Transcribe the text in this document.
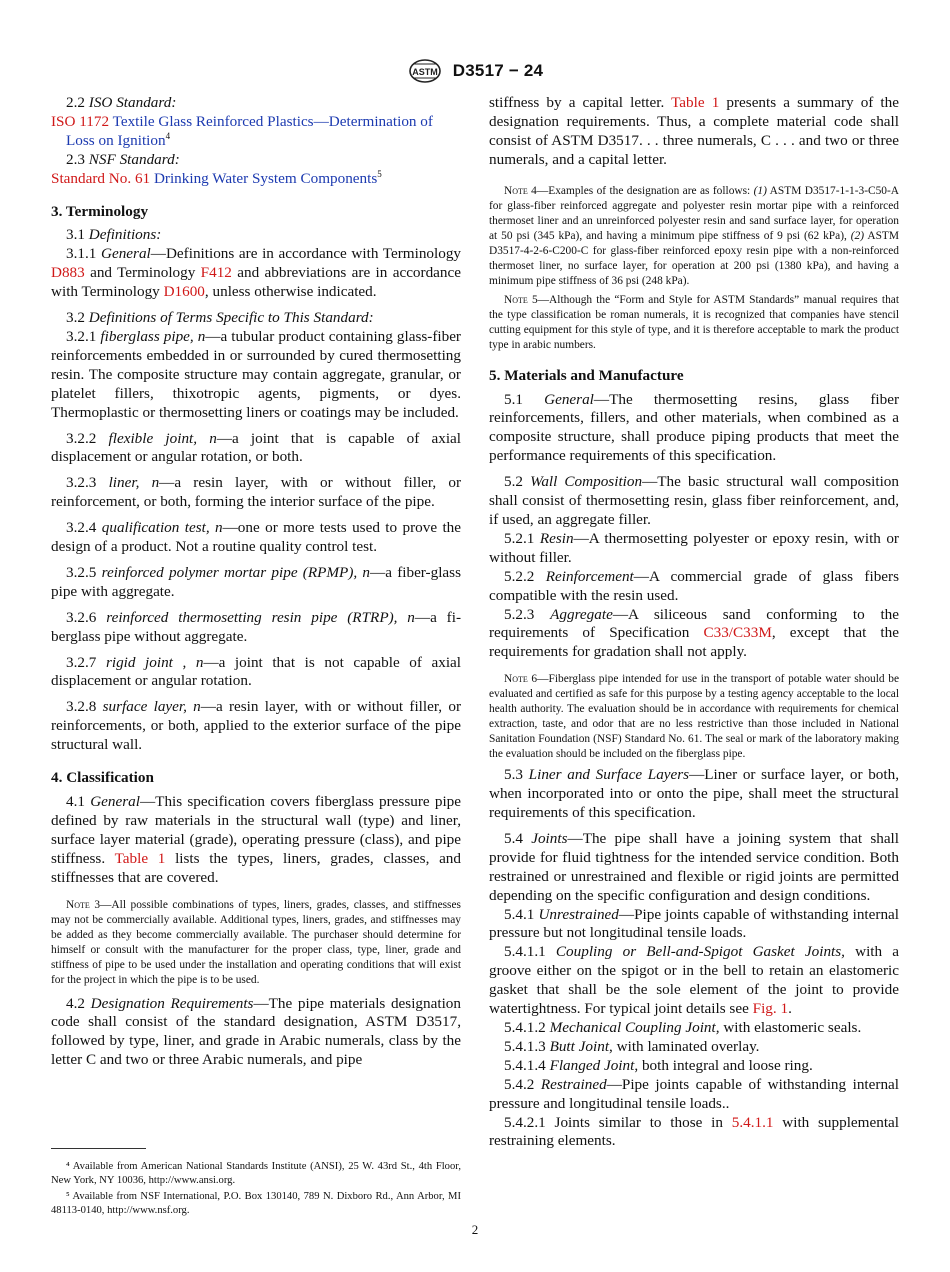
ASTM D3517 − 24

2.2 ISO Standard:

ISO 1172 Textile Glass Reinforced Plastics—Determination of Loss on Ignition$^4$

2.3 NSF Standard:

Standard No. 61 Drinking Water System Components$^5$

3. Terminology

3.1 Definitions:

3.1.1 General—Definitions are in accordance with Terminology D883 and Terminology F412 and abbreviations are in accordance with Terminology D1600, unless otherwise indicated.

3.2 Definitions of Terms Specific to This Standard:

3.2.1 fiberglass pipe, n—a tubular product containing glass-fiber reinforcements embedded in or surrounded by cured thermosetting resin. The composite structure may contain aggregate, granular, or platelet fillers, thixotropic agents, pigments, or dyes. Thermoplastic or thermosetting liners or coatings may be included.

3.2.2 flexible joint, n—a joint that is capable of axial displacement or angular rotation, or both.

3.2.3 liner, n—a resin layer, with or without filler, or reinforcement, or both, forming the interior surface of the pipe.

3.2.4 qualification test, n—one or more tests used to prove the design of a product. Not a routine quality control test.

3.2.5 reinforced polymer mortar pipe (RPMP), n—a fiber-glass pipe with aggregate.

3.2.6 reinforced thermosetting resin pipe (RTRP), n—a fi-berglass pipe without aggregate.

3.2.7 rigid joint , n—a joint that is not capable of axial displacement or angular rotation.

3.2.8 surface layer, n—a resin layer, with or without filler, or reinforcements, or both, applied to the exterior surface of the pipe structural wall.

4. Classification

4.1 General—This specification covers fiberglass pressure pipe defined by raw materials in the structural wall (type) and liner, surface layer material (grade), operating pressure (class), and pipe stiffness. Table 1 lists the types, liners, grades, classes, and stiffnesses that are covered.

Note 3—All possible combinations of types, liners, grades, classes, and stiffnesses may not be commercially available. Additional types, liners, grades, and stiffnesses may be added as they become commercially available. The purchaser should determine for himself or consult with the manufacturer for the proper class, type, liner, grade and stiffness of pipe to be used under the installation and operating conditions that will exist for the project in which the pipe is to be used.

4.2 Designation Requirements—The pipe materials designation code shall consist of the standard designation, ASTM D3517, followed by type, liner, and grade in Arabic numerals, class by the letter C and two or three Arabic numerals, and pipe

stiffness by a capital letter. Table 1 presents a summary of the designation requirements. Thus, a complete material code shall consist of ASTM D3517. . . three numerals, C . . . and two or three numerals, and a capital letter.

Note 4—Examples of the designation are as follows: (1) ASTM D3517-1-1-3-C50-A for glass-fiber reinforced aggregate and polyester resin mortar pipe with a reinforced thermoset liner and an unreinforced polyester resin and sand surface layer, for operation at 50 psi (345 kPa), and having a minimum pipe stiffness of 9 psi (62 kPa), (2) ASTM D3517-4-2-6-C200-C for glass-fiber reinforced epoxy resin pipe with a non-reinforced thermoset liner, no surface layer, for operation at 200 psi (1380 kPa), and having a minimum pipe stiffness of 36 psi (248 kPa).

Note 5—Although the “Form and Style for ASTM Standards” manual requires that the type classification be roman numerals, it is recognized that companies have stencil cutting equipment for this style of type, and it is therefore acceptable to mark the product type in arabic numbers.

5. Materials and Manufacture

5.1 General—The thermosetting resins, glass fiber reinforcements, fillers, and other materials, when combined as a composite structure, shall produce piping products that meet the performance requirements of this specification.

5.2 Wall Composition—The basic structural wall composition shall consist of thermosetting resin, glass fiber reinforcement, and, if used, an aggregate filler.

5.2.1 Resin—A thermosetting polyester or epoxy resin, with or without filler.

5.2.2 Reinforcement—A commercial grade of glass fibers compatible with the resin used.

5.2.3 Aggregate—A siliceous sand conforming to the requirements of Specification C33/C33M, except that the requirements for gradation shall not apply.

Note 6—Fiberglass pipe intended for use in the transport of potable water should be evaluated and certified as safe for this purpose by a testing agency acceptable to the local health authority. The evaluation should be in accordance with requirements for chemical extraction, taste, and odor that are no less restrictive than those included in National Sanitation Foundation (NSF) Standard No. 61. The seal or mark of the laboratory making the evaluation should be included on the fiberglass pipe.

5.3 Liner and Surface Layers—Liner or surface layer, or both, when incorporated into or onto the pipe, shall meet the structural requirements of this specification.

5.4 Joints—The pipe shall have a joining system that shall provide for fluid tightness for the intended service condition. Both restrained or unrestrained and flexible or rigid joints are permitted depending on the specific configuration and design conditions.

5.4.1 Unrestrained—Pipe joints capable of withstanding internal pressure but not longitudinal tensile loads.

5.4.1.1 Coupling or Bell-and-Spigot Gasket Joints, with a groove either on the spigot or in the bell to retain an elastomeric gasket that shall be the sole element of the joint to provide watertightness. For typical joint details see Fig. 1.

5.4.1.2 Mechanical Coupling Joint, with elastomeric seals.

5.4.1.3 Butt Joint, with laminated overlay.

5.4.1.4 Flanged Joint, both integral and loose ring.

5.4.2 Restrained—Pipe joints capable of withstanding internal pressure and longitudinal tensile loads..

5.4.2.1 Joints similar to those in 5.4.1.1 with supplemental restraining elements.

⁴ Available from American National Standards Institute (ANSI), 25 W. 43rd St., 4th Floor, New York, NY 10036, http://www.ansi.org.

⁵ Available from NSF International, P.O. Box 130140, 789 N. Dixboro Rd., Ann Arbor, MI 48113-0140, http://www.nsf.org.

2
